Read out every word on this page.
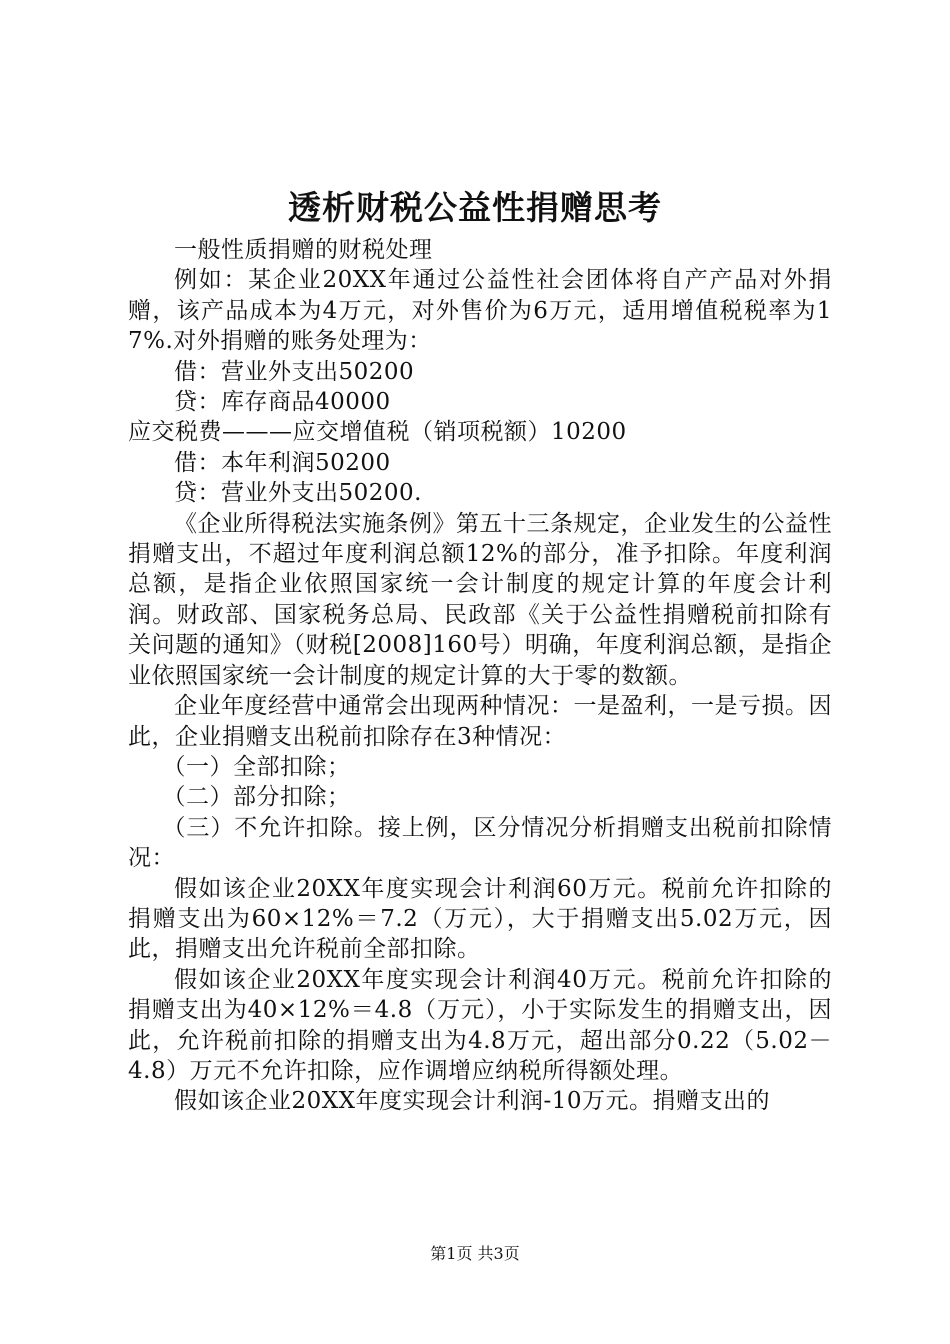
透析财税公益性捐赠思考

一般性质捐赠的财税处理

例如：某企业20XX年通过公益性社会团体将自产产品对外捐赠，该产品成本为4万元，对外售价为6万元，适用增值税税率为17%.对外捐赠的账务处理为：

借：营业外支出50200

贷：库存商品40000

应交税费———应交增值税（销项税额）10200

借：本年利润50200

贷：营业外支出50200.

《企业所得税法实施条例》第五十三条规定，企业发生的公益性捐赠支出，不超过年度利润总额12%的部分，准予扣除。年度利润总额，是指企业依照国家统一会计制度的规定计算的年度会计利润。财政部、国家税务总局、民政部《关于公益性捐赠税前扣除有关问题的通知》（财税[2008]160号）明确，年度利润总额，是指企业依照国家统一会计制度的规定计算的大于零的数额。

企业年度经营中通常会出现两种情况：一是盈利，一是亏损。因此，企业捐赠支出税前扣除存在3种情况：

（一）全部扣除；

（二）部分扣除；

（三）不允许扣除。接上例，区分情况分析捐赠支出税前扣除情况：

假如该企业20XX年度实现会计利润60万元。税前允许扣除的捐赠支出为60×12%＝7.2（万元），大于捐赠支出5.02万元，因此，捐赠支出允许税前全部扣除。

假如该企业20XX年度实现会计利润40万元。税前允许扣除的捐赠支出为40×12%＝4.8（万元），小于实际发生的捐赠支出，因此，允许税前扣除的捐赠支出为4.8万元，超出部分0.22（5.02－4.8）万元不允许扣除，应作调增应纳税所得额处理。

假如该企业20XX年度实现会计利润-10万元。捐赠支出的

第1页 共3页
